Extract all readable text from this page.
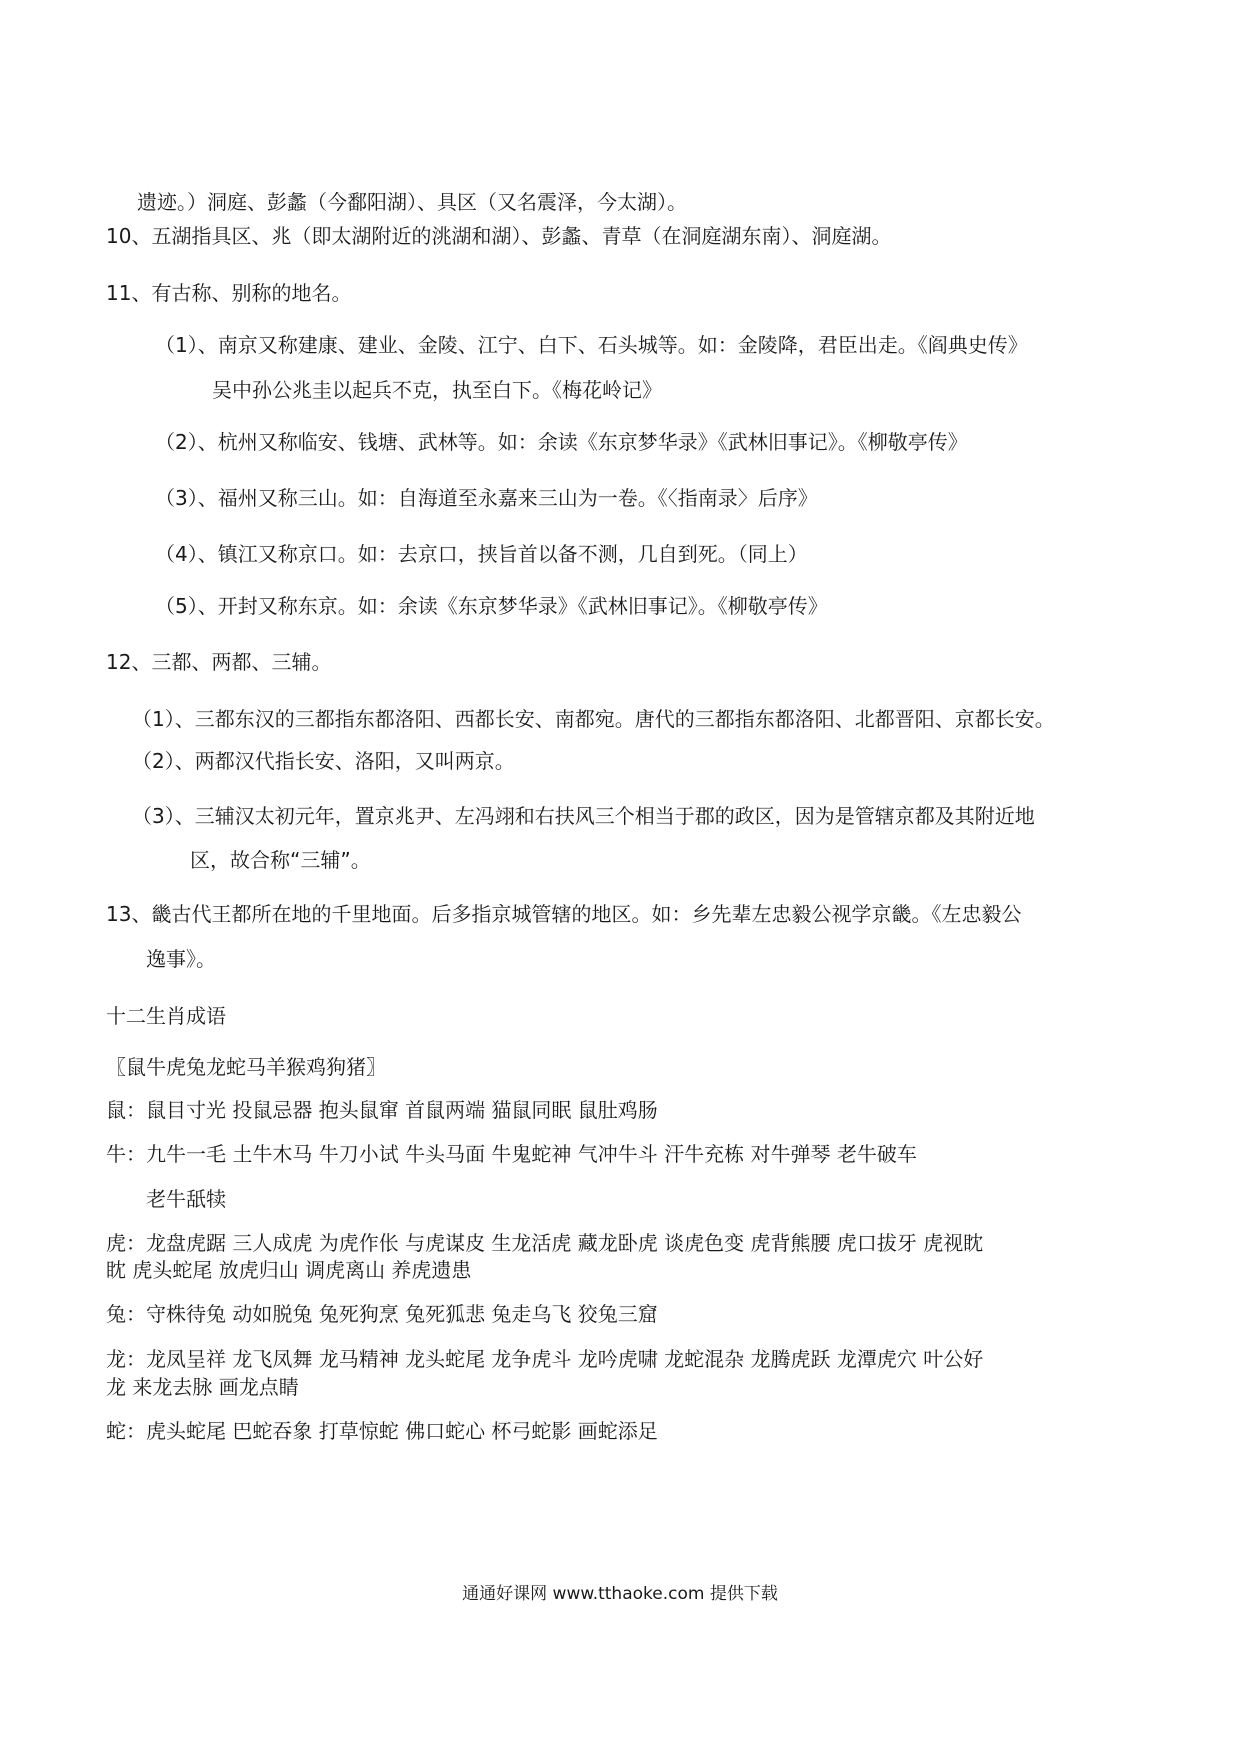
遗迹。）洞庭、彭蠡（今鄱阳湖）、具区（又名震泽，今太湖）。
10、五湖指具区、兆（即太湖附近的洮湖和湖）、彭蠡、青草（在洞庭湖东南）、洞庭湖。
11、有古称、别称的地名。
（1）、南京又称建康、建业、金陵、江宁、白下、石头城等。如：金陵降，君臣出走。《阎典史传》
吴中孙公兆圭以起兵不克，执至白下。《梅花岭记》
（2）、杭州又称临安、钱塘、武林等。如：余读《东京梦华录》《武林旧事记》。《柳敬亭传》
（3）、福州又称三山。如：自海道至永嘉来三山为一卷。《〈指南录〉后序》
（4）、镇江又称京口。如：去京口，挟旨首以备不测，几自到死。（同上）
（5）、开封又称东京。如：余读《东京梦华录》《武林旧事记》。《柳敬亭传》
12、三都、两都、三辅。
（1）、三都东汉的三都指东都洛阳、西都长安、南都宛。唐代的三都指东都洛阳、北都晋阳、京都长安。
（2）、两都汉代指长安、洛阳，又叫两京。
（3）、三辅汉太初元年，置京兆尹、左冯翊和右扶风三个相当于郡的政区，因为是管辖京都及其附近地
区，故合称“三辅”。
13、畿古代王都所在地的千里地面。后多指京城管辖的地区。如：乡先辈左忠毅公视学京畿。《左忠毅公
逸事》。
十二生肖成语
〖鼠牛虎兔龙蛇马羊猴鸡狗猪〗
鼠：鼠目寸光 投鼠忌器 抱头鼠窜 首鼠两端 猫鼠同眠 鼠肚鸡肠
牛：九牛一毛 土牛木马 牛刀小试 牛头马面 牛鬼蛇神 气冲牛斗 汗牛充栋 对牛弹琴 老牛破车
老牛舐犊
虎：龙盘虎踞 三人成虎 为虎作伥 与虎谋皮 生龙活虎 藏龙卧虎 谈虎色变 虎背熊腰 虎口拔牙 虎视眈
眈 虎头蛇尾 放虎归山 调虎离山 养虎遗患
兔：守株待兔 动如脱兔 兔死狗烹 兔死狐悲 兔走乌飞 狡兔三窟
龙：龙凤呈祥 龙飞凤舞 龙马精神 龙头蛇尾 龙争虎斗 龙吟虎啸 龙蛇混杂 龙腾虎跃 龙潭虎穴 叶公好
龙 来龙去脉 画龙点睛
蛇：虎头蛇尾 巴蛇吞象 打草惊蛇 佛口蛇心 杯弓蛇影 画蛇添足
通通好课网 www.tthaoke.com 提供下载
